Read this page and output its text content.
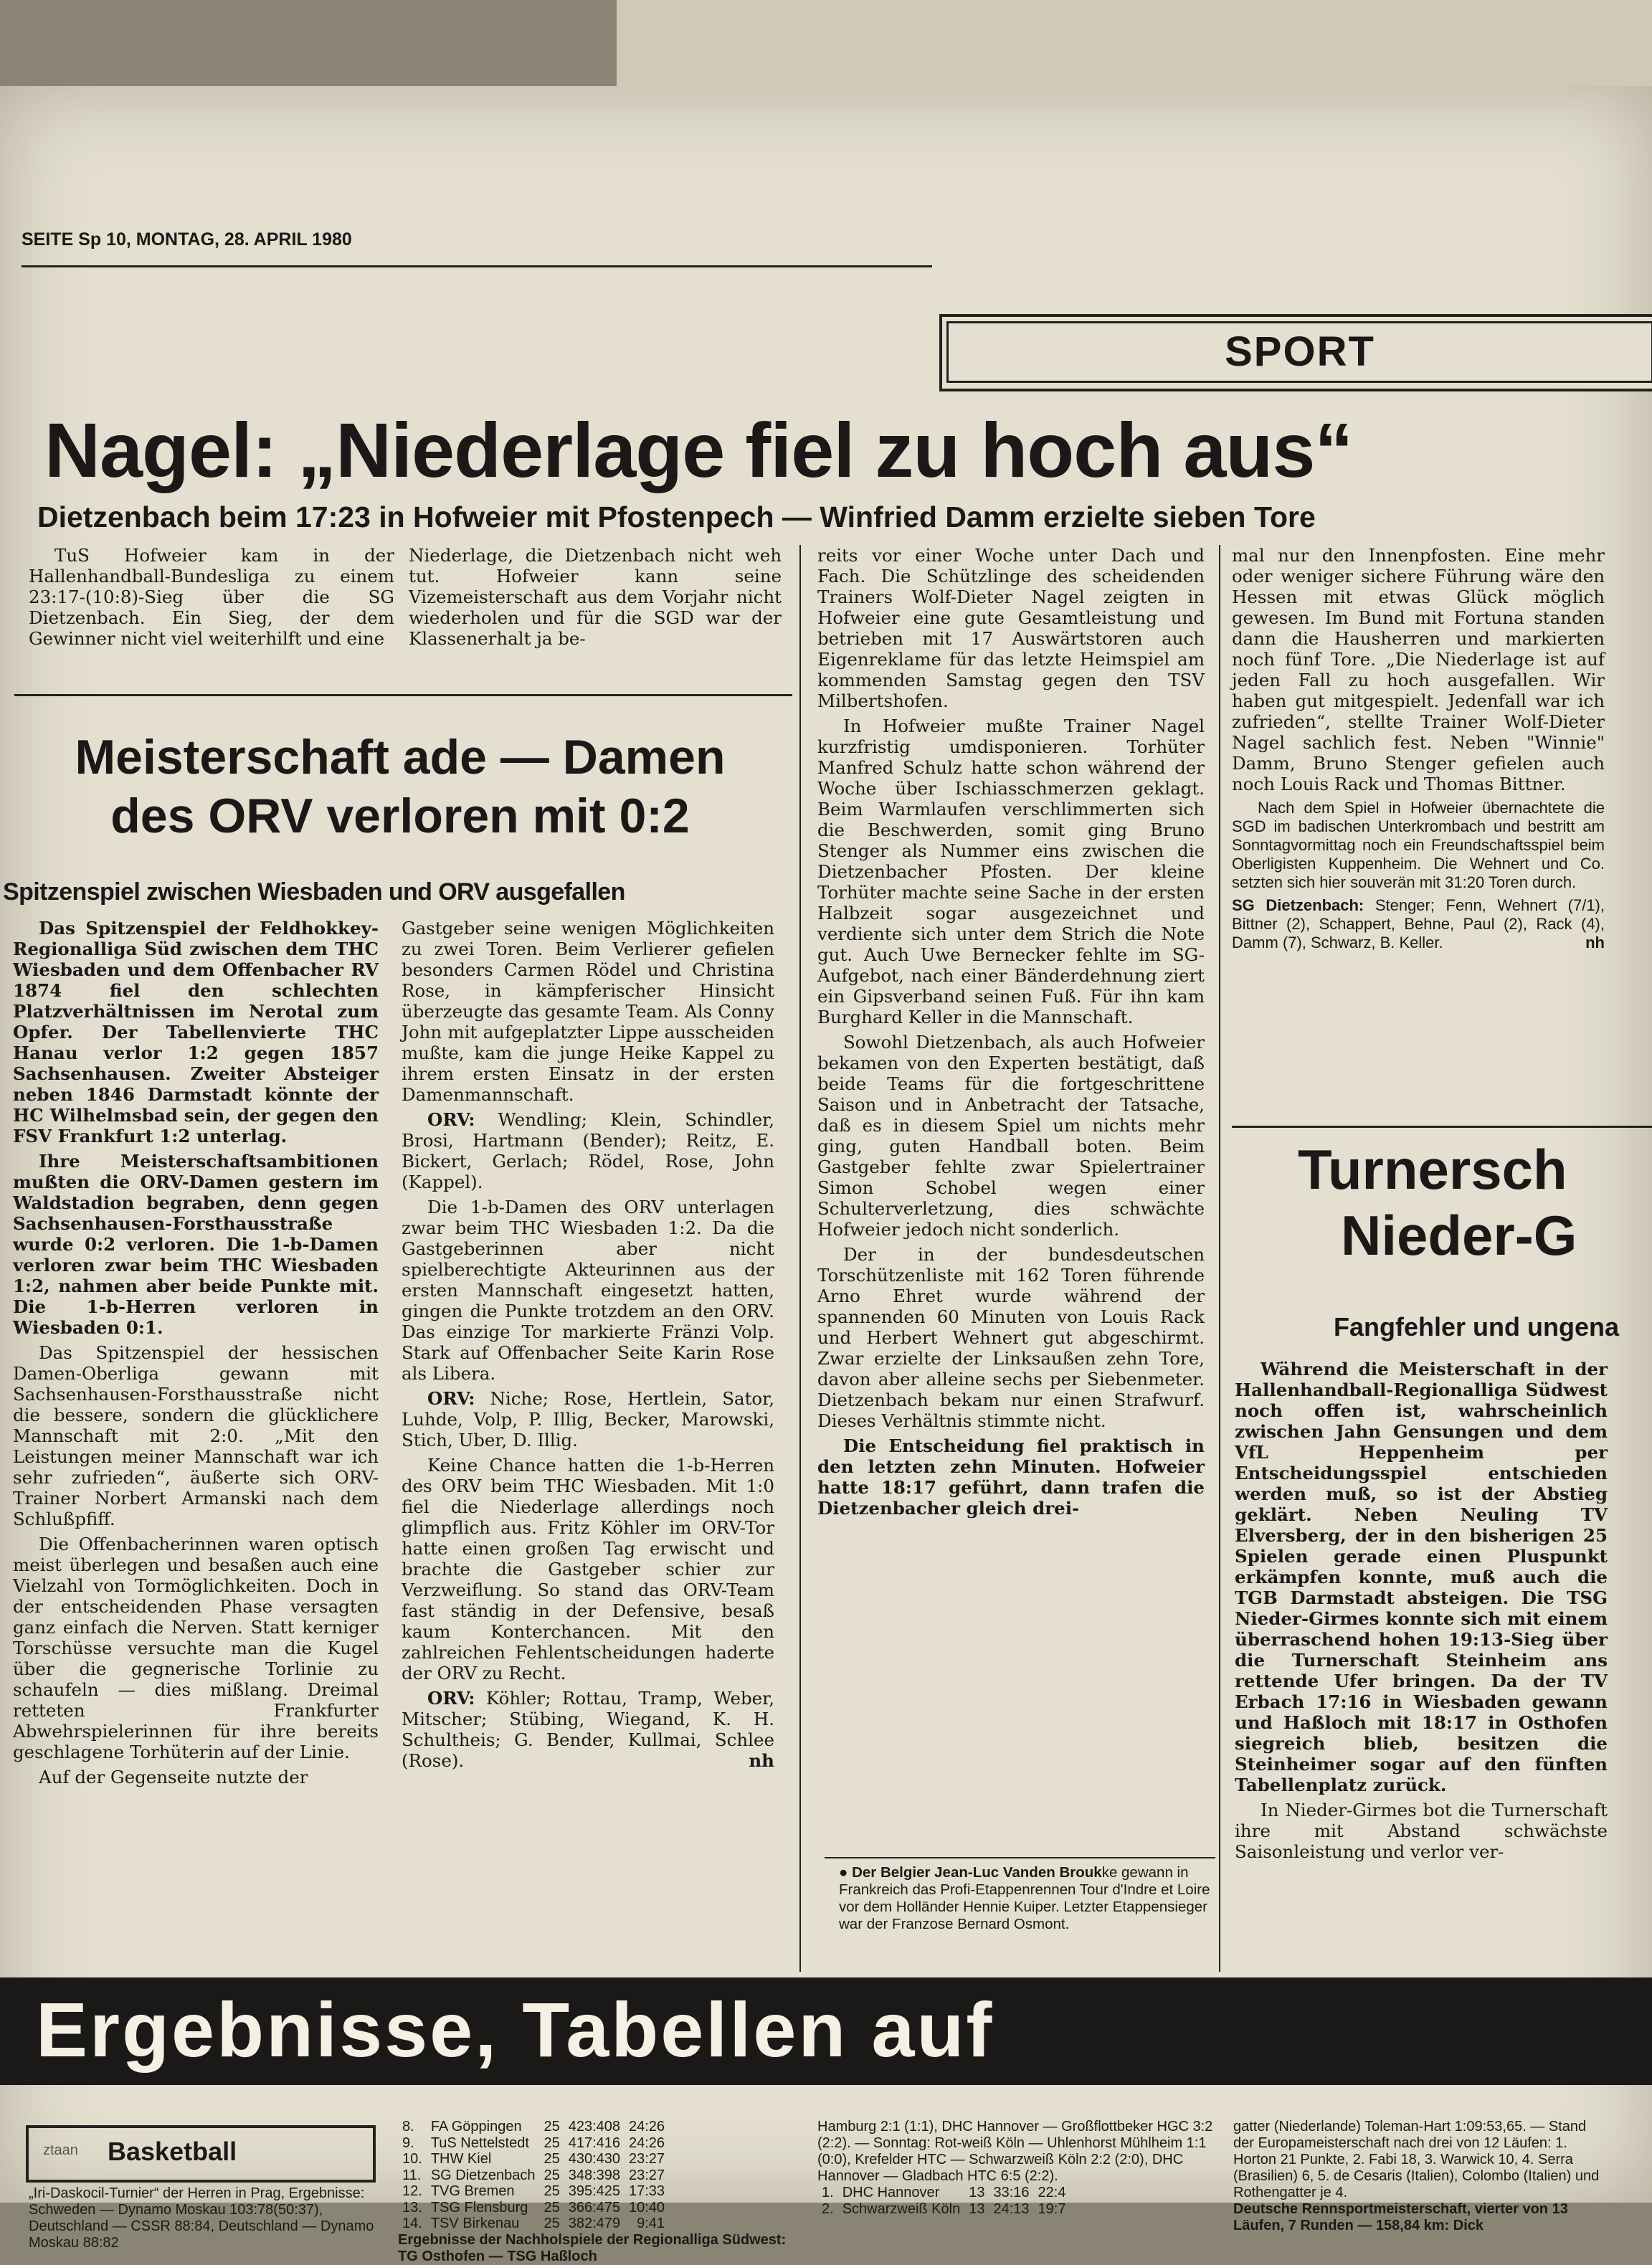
SEITE Sp 10, MONTAG, 28. APRIL 1980
SPORT
Nagel: „Niederlage fiel zu hoch aus“
Dietzenbach beim 17:23 in Hofweier mit Pfostenpech — Winfried Damm erzielte sieben Tore

TuS Hofweier kam in der Hallenhandball-Bundesliga zu einem 23:17-(10:8)-Sieg über die SG Dietzenbach. Ein Sieg, der dem Gewinner nicht viel weiterhilft und eine

Niederlage, die Dietzenbach nicht weh tut. Hofweier kann seine Vizemeisterschaft aus dem Vorjahr nicht wiederholen und für die SGD war der Klassenerhalt ja be-

reits vor einer Woche unter Dach und Fach. Die Schützlinge des scheidenden Trainers Wolf-Dieter Nagel zeigten in Hofweier eine gute Gesamtleistung und betrieben mit 17 Auswärtstoren auch Eigenreklame für das letzte Heimspiel am kommenden Samstag gegen den TSV Milbertshofen.

In Hofweier mußte Trainer Nagel kurzfristig umdisponieren. Torhüter Manfred Schulz hatte schon während der Woche über Ischiasschmerzen geklagt. Beim Warmlaufen verschlimmerten sich die Beschwerden, somit ging Bruno Stenger als Nummer eins zwischen die Dietzenbacher Pfosten. Der kleine Torhüter machte seine Sache in der ersten Halbzeit sogar ausgezeichnet und verdiente sich unter dem Strich die Note gut. Auch Uwe Bernecker fehlte im SG-Aufgebot, nach einer Bänderdehnung ziert ein Gipsverband seinen Fuß. Für ihn kam Burghard Keller in die Mannschaft.

Sowohl Dietzenbach, als auch Hofweier bekamen von den Experten bestätigt, daß beide Teams für die fortgeschrittene Saison und in Anbetracht der Tatsache, daß es in diesem Spiel um nichts mehr ging, guten Handball boten. Beim Gastgeber fehlte zwar Spielertrainer Simon Schobel wegen einer Schulterverletzung, dies schwächte Hofweier jedoch nicht sonderlich.

Der in der bundesdeutschen Torschützenliste mit 162 Toren führende Arno Ehret wurde während der spannenden 60 Minuten von Louis Rack und Herbert Wehnert gut abgeschirmt. Zwar erzielte der Linksaußen zehn Tore, davon aber alleine sechs per Siebenmeter. Dietzenbach bekam nur einen Strafwurf. Dieses Verhältnis stimmte nicht.

Die Entscheidung fiel praktisch in den letzten zehn Minuten. Hofweier hatte 18:17 geführt, dann trafen die Dietzenbacher gleich drei-

mal nur den Innenpfosten. Eine mehr oder weniger sichere Führung wäre den Hessen mit etwas Glück möglich gewesen. Im Bund mit Fortuna standen dann die Hausherren und markierten noch fünf Tore. „Die Niederlage ist auf jeden Fall zu hoch ausgefallen. Wir haben gut mitgespielt. Jedenfall war ich zufrieden“, stellte Trainer Wolf-Dieter Nagel sachlich fest. Neben "Winnie" Damm, Bruno Stenger gefielen auch noch Louis Rack und Thomas Bittner.

Nach dem Spiel in Hofweier übernachtete die SGD im badischen Unterkrombach und bestritt am Sonntagvormittag noch ein Freundschaftsspiel beim Oberligisten Kuppenheim. Die Wehnert und Co. setzten sich hier souverän mit 31:20 Toren durch.

SG Dietzenbach: Stenger; Fenn, Wehnert (7/1), Bittner (2), Schappert, Behne, Paul (2), Rack (4), Damm (7), Schwarz, B. Keller.	nh

Meisterschaft ade — Damen
des ORV verloren mit 0:2
Spitzenspiel zwischen Wiesbaden und ORV ausgefallen

Das Spitzenspiel der Feldhokkey-Regionalliga Süd zwischen dem THC Wiesbaden und dem Offenbacher RV 1874 fiel den schlechten Platzverhältnissen im Nerotal zum Opfer. Der Tabellenvierte THC Hanau verlor 1:2 gegen 1857 Sachsenhausen. Zweiter Absteiger neben 1846 Darmstadt könnte der HC Wilhelmsbad sein, der gegen den FSV Frankfurt 1:2 unterlag.

Ihre Meisterschaftsambitionen mußten die ORV-Damen gestern im Waldstadion begraben, denn gegen Sachsenhausen-Forsthausstraße wurde 0:2 verloren. Die 1-b-Damen verloren zwar beim THC Wiesbaden 1:2, nahmen aber beide Punkte mit. Die 1-b-Herren verloren in Wiesbaden 0:1.

Das Spitzenspiel der hessischen Damen-Oberliga gewann mit Sachsenhausen-Forsthausstraße nicht die bessere, sondern die glücklichere Mannschaft mit 2:0. „Mit den Leistungen meiner Mannschaft war ich sehr zufrieden“, äußerte sich ORV-Trainer Norbert Armanski nach dem Schlußpfiff.

Die Offenbacherinnen waren optisch meist überlegen und besaßen auch eine Vielzahl von Tormöglichkeiten. Doch in der entscheidenden Phase versagten ganz einfach die Nerven. Statt kerniger Torschüsse versuchte man die Kugel über die gegnerische Torlinie zu schaufeln — dies mißlang. Dreimal retteten Frankfurter Abwehrspielerinnen für ihre bereits geschlagene Torhüterin auf der Linie.

Auf der Gegenseite nutzte der

Gastgeber seine wenigen Möglichkeiten zu zwei Toren. Beim Verlierer gefielen besonders Carmen Rödel und Christina Rose, in kämpferischer Hinsicht überzeugte das gesamte Team. Als Conny John mit aufgeplatzter Lippe ausscheiden mußte, kam die junge Heike Kappel zu ihrem ersten Einsatz in der ersten Damenmannschaft.

ORV: Wendling; Klein, Schindler, Brosi, Hartmann (Bender); Reitz, E. Bickert, Gerlach; Rödel, Rose, John (Kappel).

Die 1-b-Damen des ORV unterlagen zwar beim THC Wiesbaden 1:2. Da die Gastgeberinnen aber nicht spielberechtigte Akteurinnen aus der ersten Mannschaft eingesetzt hatten, gingen die Punkte trotzdem an den ORV. Das einzige Tor markierte Fränzi Volp. Stark auf Offenbacher Seite Karin Rose als Libera.

ORV: Niche; Rose, Hertlein, Sator, Luhde, Volp, P. Illig, Becker, Marowski, Stich, Uber, D. Illig.

Keine Chance hatten die 1-b-Herren des ORV beim THC Wiesbaden. Mit 1:0 fiel die Niederlage allerdings noch glimpflich aus. Fritz Köhler im ORV-Tor hatte einen großen Tag erwischt und brachte die Gastgeber schier zur Verzweiflung. So stand das ORV-Team fast ständig in der Defensive, besaß kaum Konterchancen. Mit den zahlreichen Fehlentscheidungen haderte der ORV zu Recht.

ORV: Köhler; Rottau, Tramp, Weber, Mitscher; Stübing, Wiegand, K. H. Schultheis; G. Bender, Kullmai, Schlee (Rose).	nh

● Der Belgier Jean-Luc Vanden Broukke gewann in Frankreich das Profi-Etappenrennen Tour d'Indre et Loire vor dem Holländer Hennie Kuiper. Letzter Etappensieger war der Franzose Bernard Osmont.
Turnersch
Nieder-G
Fangfehler und ungena

Während die Meisterschaft in der Hallenhandball-Regionalliga Südwest noch offen ist, wahrscheinlich zwischen Jahn Gensungen und dem VfL Heppenheim per Entscheidungsspiel entschieden werden muß, so ist der Abstieg geklärt. Neben Neuling TV Elversberg, der in den bisherigen 25 Spielen gerade einen Pluspunkt erkämpfen konnte, muß auch die TGB Darmstadt absteigen. Die TSG Nieder-Girmes konnte sich mit einem überraschend hohen 19:13-Sieg über die Turnerschaft Steinheim ans rettende Ufer bringen. Da der TV Erbach 17:16 in Wiesbaden gewann und Haßloch mit 18:17 in Osthofen siegreich blieb, besitzen die Steinheimer sogar auf den fünften Tabellenplatz zurück.

In Nieder-Girmes bot die Turnerschaft ihre mit Abstand schwächste Saisonleistung und verlor ver-

Ergebnisse, Tabellen auf
ztaan Basketball
„Iri-Daskocil-Turnier“ der Herren in Prag, Ergebnisse: Schweden — Dynamo Moskau 103:78(50:37), Deutschland — CSSR 88:84, Deutschland — Dynamo Moskau 88:82
8.	FA Göppingen	25	423:408	24:26
9.	TuS Nettelstedt	25	417:416	24:26
10.	THW Kiel	25	430:430	23:27
11.	SG Dietzenbach	25	348:398	23:27
12.	TVG Bremen	25	395:425	17:33
13.	TSG Flensburg	25	366:475	10:40
14.	TSV Birkenau	25	382:479	9:41
Ergebnisse der Nachholspiele der Regionalliga Südwest: TG Osthofen — TSG Haßloch
Hamburg 2:1 (1:1), DHC Hannover — Großflottbeker HGC 3:2 (2:2). — Sonntag: Rot-weiß Köln — Uhlenhorst Mühlheim 1:1 (0:0), Krefelder HTC — Schwarzweiß Köln 2:2 (2:0), DHC Hannover — Gladbach HTC 6:5 (2:2).
1.	DHC Hannover	13	33:16	22:4
2.	Schwarzweiß Köln	13	24:13	19:7
gatter (Niederlande) Toleman-Hart 1:09:53,65. — Stand der Europameisterschaft nach drei von 12 Läufen: 1. Horton 21 Punkte, 2. Fabi 18, 3. Warwick 10, 4. Serra (Brasilien) 6, 5. de Cesaris (Italien), Colombo (Italien) und Rothengatter je 4.
Deutsche Rennsportmeisterschaft, vierter von 13 Läufen, 7 Runden — 158,84 km: Dick
